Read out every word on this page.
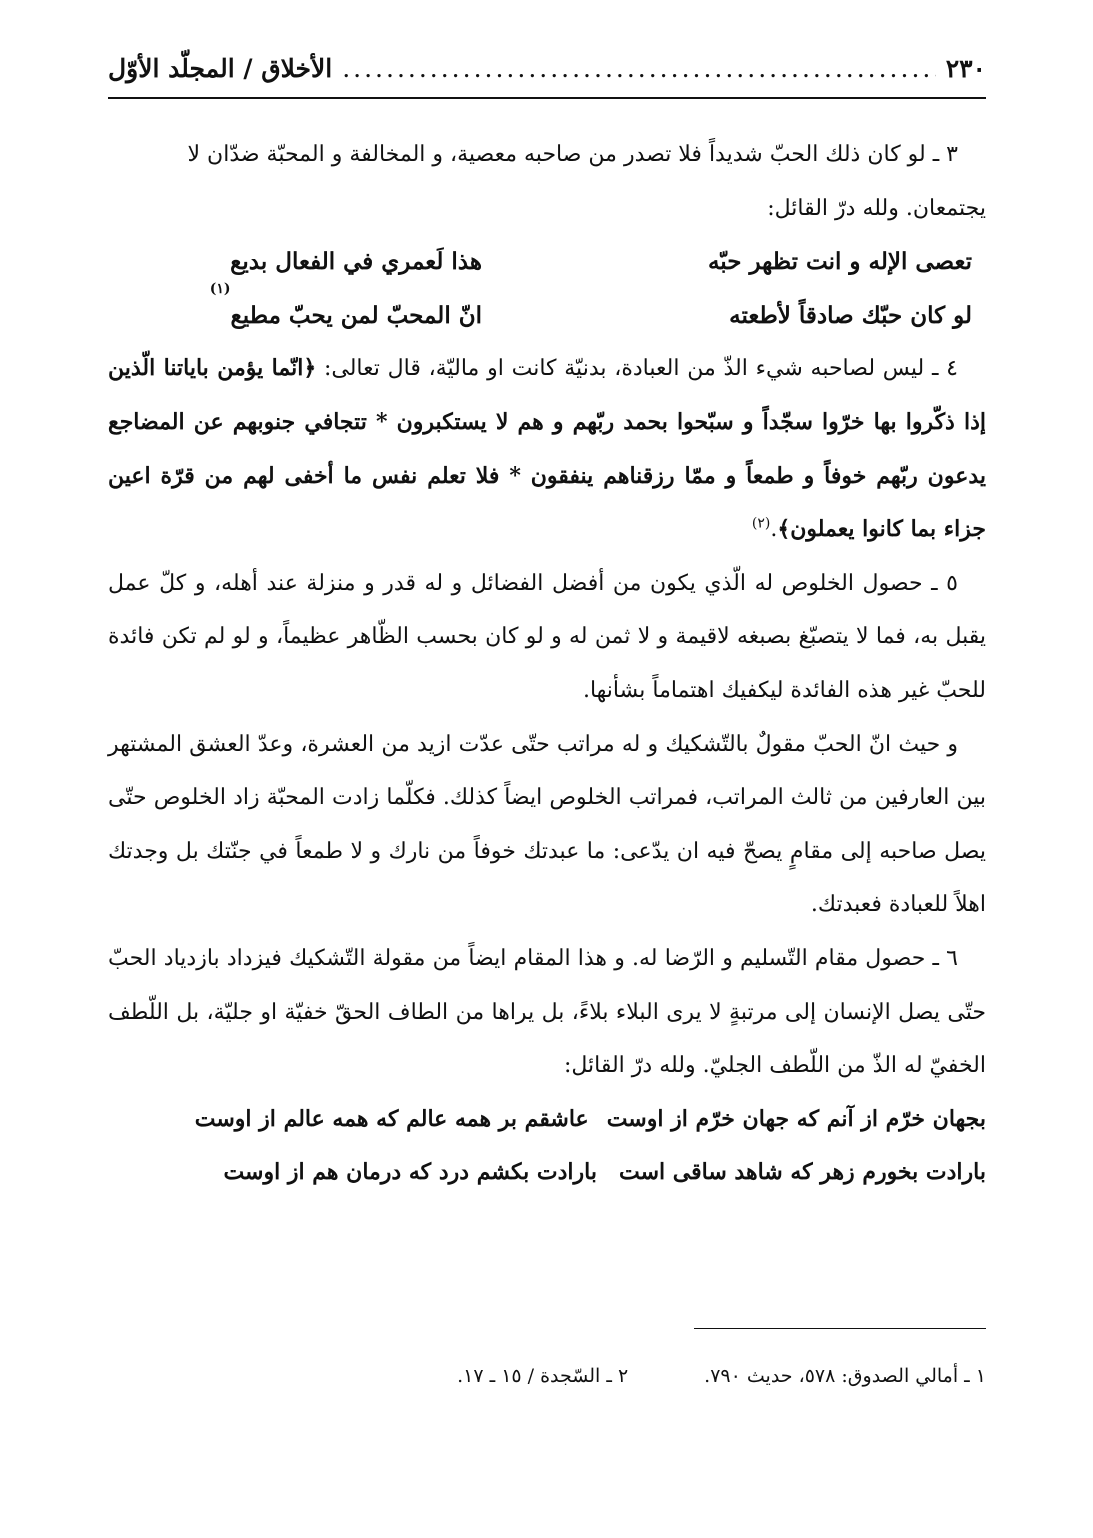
٢٣٠
.....
الأخلاق / المجلّد الأوّل

٣ ـ لو كان ذلك الحبّ شديداً فلا تصدر من صاحبه معصية، و المخالفة و المحبّة ضدّان لا

يجتمعان. ولله درّ القائل:

تعصى الإله و انت تظهر حبّه
هذا لَعمري في الفعال بديع
لو كان حبّك صادقاً لأطعته
انّ المحبّ لمن يحبّ مطيع
(١)

٤ ـ ليس لصاحبه شيء الذّ من العبادة، بدنيّة كانت او ماليّة، قال تعالى: ﴿انّما يؤمن باياتنا الّذين إذا ذكّروا بها خرّوا سجّداً و سبّحوا بحمد ربّهم و هم لا يستكبرون * تتجافي جنوبهم عن المضاجع يدعون ربّهم خوفاً و طمعاً و ممّا رزقناهم ينفقون * فلا تعلم نفس ما أخفى لهم من قرّة اعين جزاء بما كانوا يعملون﴾.$^{(٢)}$

٥ ـ حصول الخلوص له الّذي يكون من أفضل الفضائل و له قدر و منزلة عند أهله، و كلّ عمل يقبل به، فما لا يتصبّغ بصبغه لاقيمة و لا ثمن له و لو كان بحسب الظّاهر عظيماً، و لو لم تكن فائدة للحبّ غير هذه الفائدة ليكفيك اهتماماً بشأنها.

و حيث انّ الحبّ مقولٌ بالتّشكيك و له مراتب حتّى عدّت ازيد من العشرة، وعدّ العشق المشتهر بين العارفين من ثالث المراتب، فمراتب الخلوص ايضاً كذلك. فكلّما زادت المحبّة زاد الخلوص حتّى يصل صاحبه إلى مقامٍ يصحّ فيه ان يدّعى: ما عبدتك خوفاً من نارك و لا طمعاً في جنّتك بل وجدتك اهلاً للعبادة فعبدتك.

٦ ـ حصول مقام التّسليم و الرّضا له. و هذا المقام ايضاً من مقولة التّشكيك فيزداد بازدياد الحبّ حتّى يصل الإنسان إلى مرتبةٍ لا يرى البلاء بلاءً، بل يراها من الطاف الحقّ خفيّة او جليّة، بل اللّطف الخفيّ له الذّ من اللّطف الجليّ. ولله درّ القائل:

بجهان خرّم از آنم که جهان خرّم از اوست
عاشقم بر همه عالم که همه عالم از اوست
بارادت بخورم زهر که شاهد ساقی است
بارادت بکشم درد که درمان هم از اوست
١ ـ أمالي الصدوق: ٥٧٨، حديث ٧٩٠.
٢ ـ السّجدة / ١٥ ـ ١٧.
